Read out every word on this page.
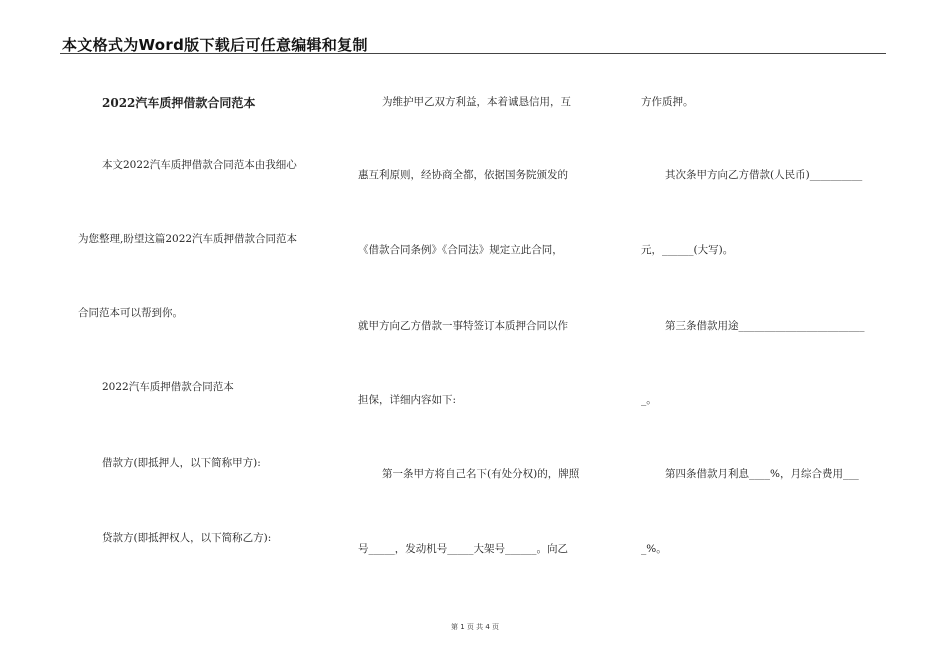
本文格式为Word版下载后可任意编辑和复制
2022汽车质押借款合同范本
本文2022汽车质押借款合同范本由我细心
为您整理,盼望这篇2022汽车质押借款合同范本
合同范本可以帮到你。
2022汽车质押借款合同范本
借款方(即抵押人，以下简称甲方):
贷款方(即抵押权人，以下简称乙方):
为维护甲乙双方利益，本着诚恳信用，互
惠互利原则，经协商全都，依据国务院颁发的
《借款合同条例》《合同法》规定立此合同，
就甲方向乙方借款一事特签订本质押合同以作
担保，详细内容如下:
第一条甲方将自己名下(有处分权)的，牌照
号_____，发动机号_____大架号______。向乙
方作质押。
其次条甲方向乙方借款(人民币)__________
元，______(大写)。
第三条借款用途________________________
_。
第四条借款月利息____%，月综合费用___
_%。
第 1 页 共 4 页
